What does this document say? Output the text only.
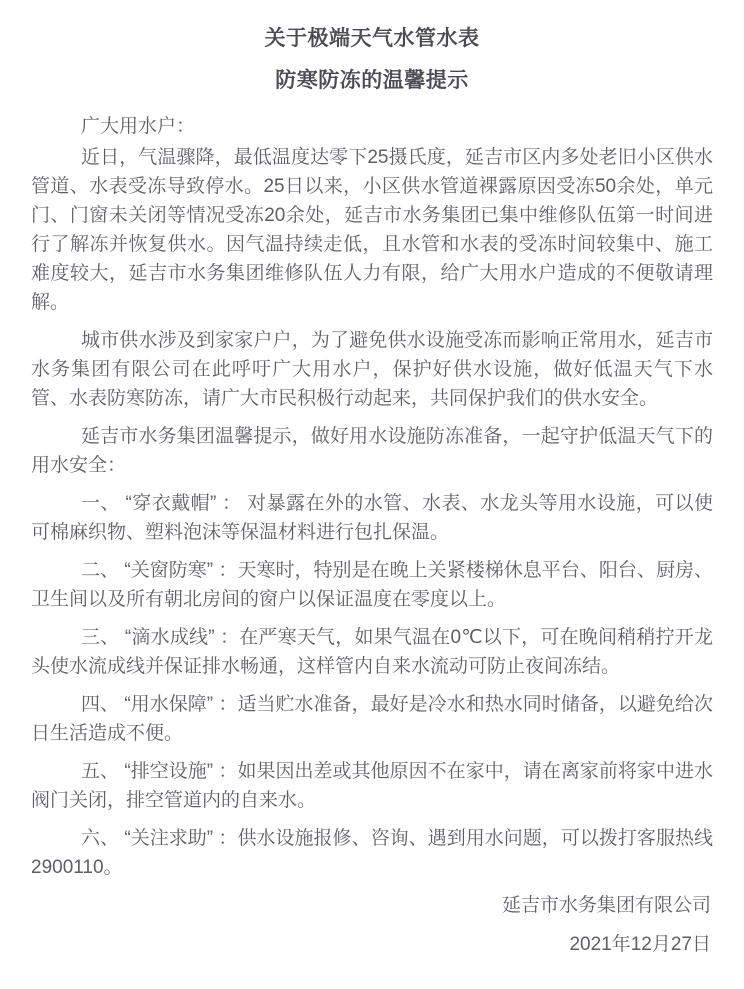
关于极端天气水管水表
防寒防冻的温馨提示

广大用水户：

近日，气温骤降，最低温度达零下25摄氏度，延吉市区内多处老旧小区供水管道、水表受冻导致停水。25日以来，小区供水管道裸露原因受冻50余处，单元门、门窗未关闭等情况受冻20余处，延吉市水务集团已集中维修队伍第一时间进行了解冻并恢复供水。因气温持续走低，且水管和水表的受冻时间较集中、施工难度较大，延吉市水务集团维修队伍人力有限，给广大用水户造成的不便敬请理解。

城市供水涉及到家家户户，为了避免供水设施受冻而影响正常用水，延吉市水务集团有限公司在此呼吁广大用水户，保护好供水设施，做好低温天气下水管、水表防寒防冻，请广大市民积极行动起来，共同保护我们的供水安全。

延吉市水务集团温馨提示，做好用水设施防冻准备，一起守护低温天气下的用水安全：

一、 “穿衣戴帽” ： 对暴露在外的水管、水表、水龙头等用水设施，可以使可棉麻织物、塑料泡沫等保温材料进行包扎保温。

二、 “关窗防寒” ：天寒时，特别是在晚上关紧楼梯休息平台、阳台、厨房、卫生间以及所有朝北房间的窗户以保证温度在零度以上。

三、 “滴水成线” ：在严寒天气，如果气温在0℃以下，可在晚间稍稍拧开龙头使水流成线并保证排水畅通，这样管内自来水流动可防止夜间冻结。

四、 “用水保障” ：适当贮水准备，最好是冷水和热水同时储备，以避免给次日生活造成不便。

五、 “排空设施” ：如果因出差或其他原因不在家中，请在离家前将家中进水阀门关闭，排空管道内的自来水。

六、 “关注求助” ：供水设施报修、咨询、遇到用水问题，可以拨打客服热线2900110。

延吉市水务集团有限公司

2021年12月27日
